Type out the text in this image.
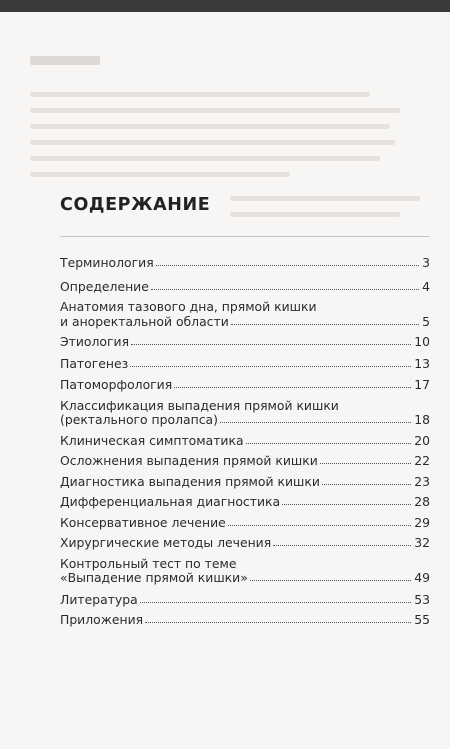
СОДЕРЖАНИЕ
Терминология	3
Определение	4
Анатомия тазового дна, прямой кишки
и аноректальной области	5
Этиология	10
Патогенез	13
Патоморфология	17
Классификация выпадения прямой кишки
(ректального пролапса)	18
Клиническая симптоматика	20
Осложнения выпадения прямой кишки	22
Диагностика выпадения прямой кишки	23
Дифференциальная диагностика	28
Консервативное лечение	29
Хирургические методы лечения	32
Контрольный тест по теме
«Выпадение прямой кишки»	49
Литература	53
Приложения	55
